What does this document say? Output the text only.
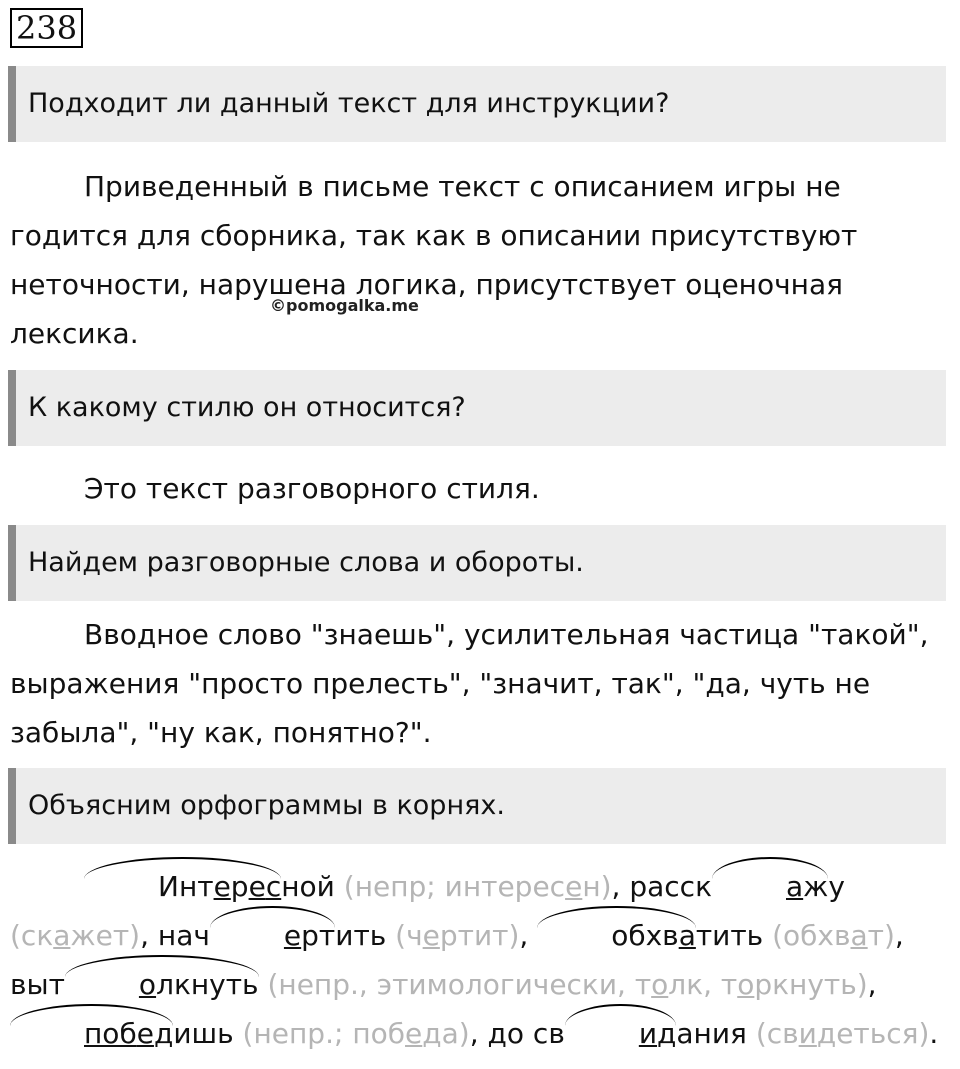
238
Подходит ли данный текст для инструкции?

Приведенный в письме текст с описанием игры не годится для сборника, так как в описании присутствуют неточности, нарушена логика, присутствует оценочная лексика.

©pomogalka.me
К какому стилю он относится?

Это текст разговорного стиля.

Найдем разговорные слова и обороты.

Вводное слово "знаешь", усилительная частица "такой", выражения "просто прелесть", "значит, так", "да, чуть не забыла", "ну как, понятно?".

Объясним орфограммы в корнях.

Интересной (непр; интересен), расск	ажу (скажет), нач	ертить (чертит),	обхватить (обхват), выт	олкнуть (непр., этимологически, толк, торкнуть), победишь (непр.; победа), до св	идания (свидеться).
